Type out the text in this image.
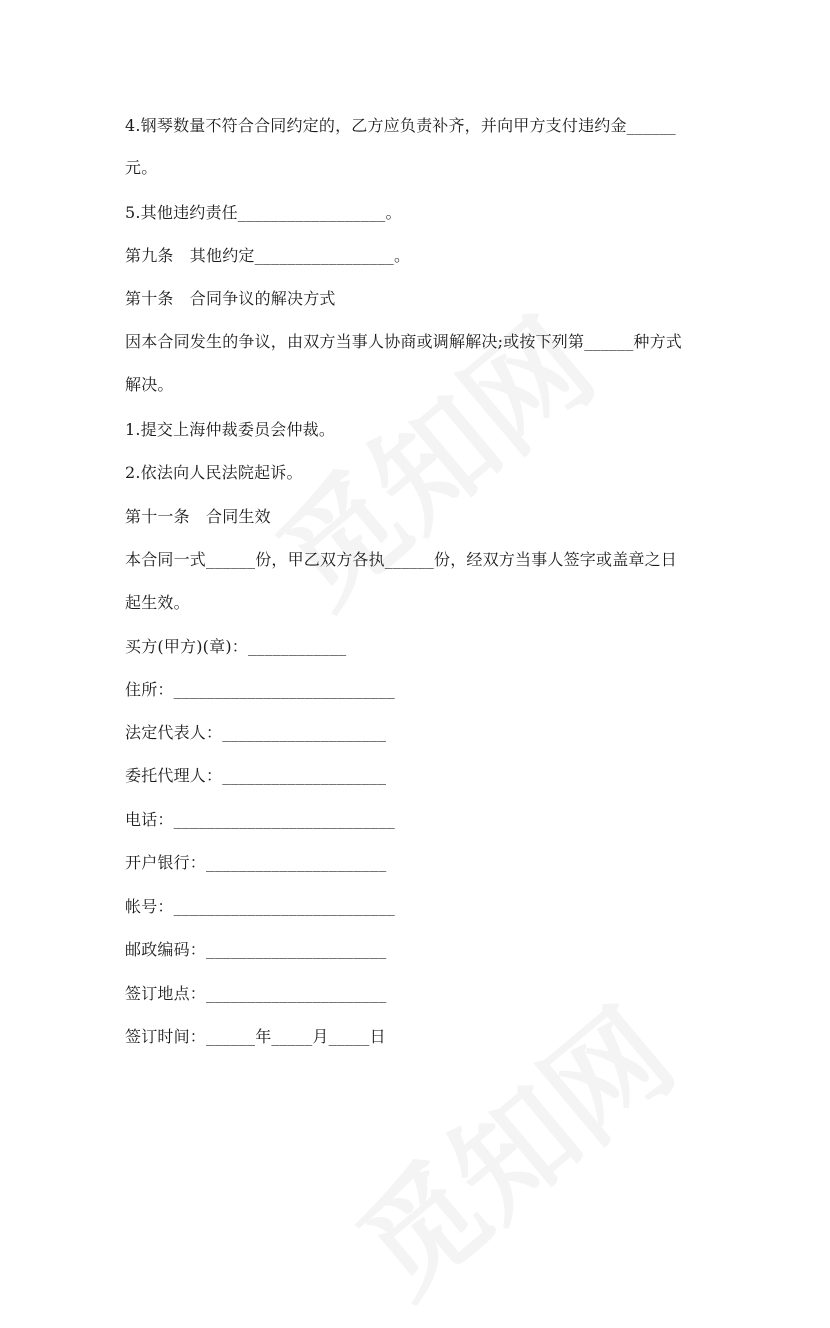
4.钢琴数量不符合合同约定的，乙方应负责补齐，并向甲方支付违约金______
元。
5.其他违约责任__________________。
第九条　其他约定_________________。
第十条　合同争议的解决方式
因本合同发生的争议，由双方当事人协商或调解解决;或按下列第______种方式
解决。
1.提交上海仲裁委员会仲裁。
2.依法向人民法院起诉。
第十一条　合同生效
本合同一式______份，甲乙双方各执______份，经双方当事人签字或盖章之日
起生效。
买方(甲方)(章)：____________
住所：___________________________
法定代表人：____________________
委托代理人：____________________
电话：___________________________
开户银行：______________________
帐号：___________________________
邮政编码：______________________
签订地点：______________________
签订时间：______年_____月_____日
